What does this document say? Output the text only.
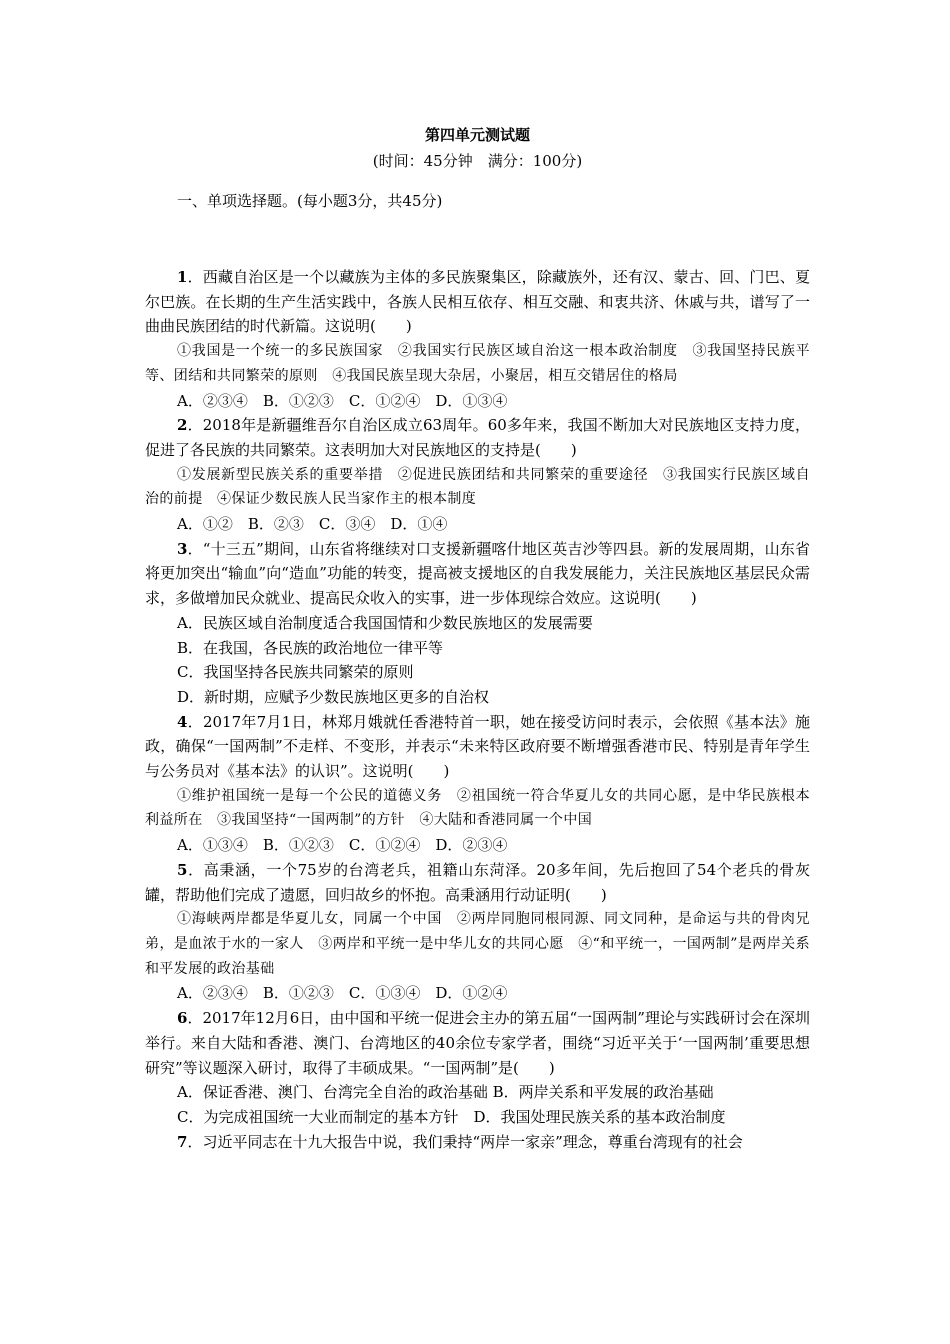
第四单元测试题
(时间：45分钟　满分：100分)
一、单项选择题。(每小题3分，共45分)
1．西藏自治区是一个以藏族为主体的多民族聚集区，除藏族外，还有汉、蒙古、回、门巴、夏尔巴族。在长期的生产生活实践中，各族人民相互依存、相互交融、和衷共济、休戚与共，谱写了一曲曲民族团结的时代新篇。这说明(　　)
①我国是一个统一的多民族国家　②我国实行民族区域自治这一根本政治制度　③我国坚持民族平等、团结和共同繁荣的原则　④我国民族呈现大杂居，小聚居，相互交错居住的格局
A．②③④　B．①②③　C．①②④　D．①③④
2．2018年是新疆维吾尔自治区成立63周年。60多年来，我国不断加大对民族地区支持力度，促进了各民族的共同繁荣。这表明加大对民族地区的支持是(　　)
①发展新型民族关系的重要举措　②促进民族团结和共同繁荣的重要途径　③我国实行民族区域自治的前提　④保证少数民族人民当家作主的根本制度
A．①②　B．②③　C．③④　D．①④
3．“十三五”期间，山东省将继续对口支援新疆喀什地区英吉沙等四县。新的发展周期，山东省将更加突出“输血”向“造血”功能的转变，提高被支援地区的自我发展能力，关注民族地区基层民众需求，多做增加民众就业、提高民众收入的实事，进一步体现综合效应。这说明(　　)
A．民族区域自治制度适合我国国情和少数民族地区的发展需要
B．在我国，各民族的政治地位一律平等
C．我国坚持各民族共同繁荣的原则
D．新时期，应赋予少数民族地区更多的自治权
4．2017年7月1日，林郑月娥就任香港特首一职，她在接受访问时表示，会依照《基本法》施政，确保“一国两制”不走样、不变形，并表示“未来特区政府要不断增强香港市民、特别是青年学生与公务员对《基本法》的认识”。这说明(　　)
①维护祖国统一是每一个公民的道德义务　②祖国统一符合华夏儿女的共同心愿，是中华民族根本利益所在　③我国坚持“一国两制”的方针　④大陆和香港同属一个中国
A．①③④　B．①②③　C．①②④　D．②③④
5．高秉涵，一个75岁的台湾老兵，祖籍山东菏泽。20多年间，先后抱回了54个老兵的骨灰罐，帮助他们完成了遗愿，回归故乡的怀抱。高秉涵用行动证明(　　)
①海峡两岸都是华夏儿女，同属一个中国　②两岸同胞同根同源、同文同种，是命运与共的骨肉兄弟，是血浓于水的一家人　③两岸和平统一是中华儿女的共同心愿　④“和平统一，一国两制”是两岸关系和平发展的政治基础
A．②③④　B．①②③　C．①③④　D．①②④
6．2017年12月6日，由中国和平统一促进会主办的第五届“一国两制”理论与实践研讨会在深圳举行。来自大陆和香港、澳门、台湾地区的40余位专家学者，围绕“习近平关于‘一国两制’重要思想研究”等议题深入研讨，取得了丰硕成果。“一国两制”是(　　)
A．保证香港、澳门、台湾完全自治的政治基础 B．两岸关系和平发展的政治基础
C．为完成祖国统一大业而制定的基本方针　D．我国处理民族关系的基本政治制度
7．习近平同志在十九大报告中说，我们秉持“两岸一家亲”理念，尊重台湾现有的社会
